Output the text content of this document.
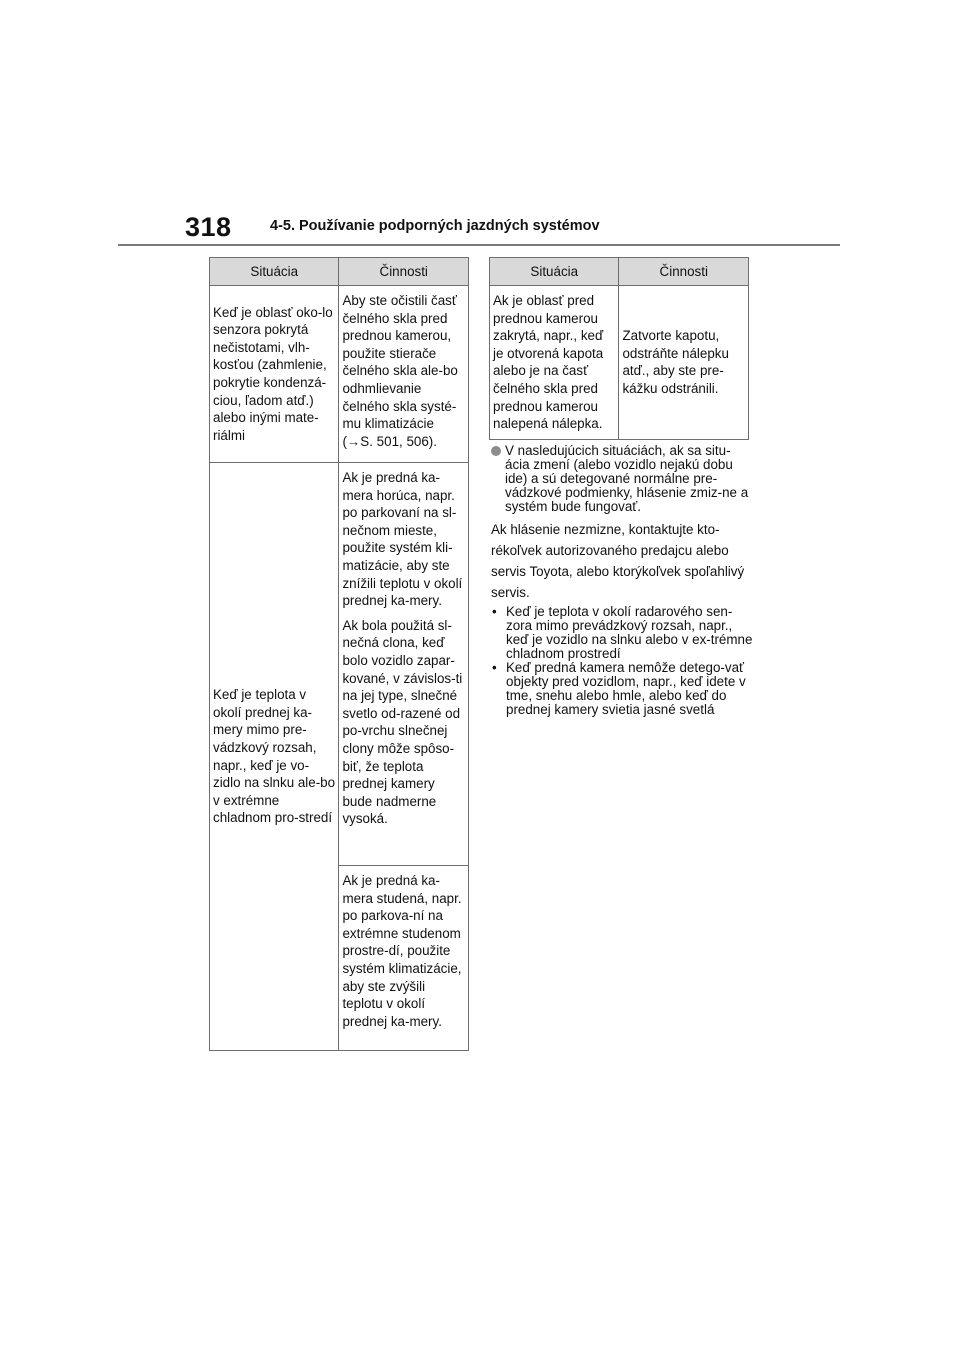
318	4-5. Používanie podporných jazdných systémov
Situácia	Činnosti
Keď je oblasť oko-lo senzora pokrytá nečistotami, vlh-kosťou (zahmlenie, pokrytie kondenzá-ciou, ľadom atď.) alebo inými mate-riálmi	Aby ste očistili časť čelného skla pred prednou kamerou, použite stierače čelného skla ale-bo odhmlievanie čelného skla systé-mu klimatizácie (→S. 501, 506).
Keď je teplota v okolí prednej ka-mery mimo pre-vádzkový rozsah, napr., keď je vo-zidlo na slnku ale-bo v extrémne chladnom pro-stredí	Ak je predná ka-mera horúca, napr. po parkovaní na sl-nečnom mieste, použite systém kli-matizácie, aby ste znížili teplotu v okolí prednej ka-mery.

Ak bola použitá sl-nečná clona, keď bolo vozidlo zapar-kované, v závislos-ti na jej type, slnečné svetlo od-razené od po-vrchu slnečnej clony môže spôso-biť, že teplota prednej kamery bude nadmerne vysoká.

	Ak je predná ka-mera studená, napr. po parkova-ní na extrémne studenom prostre-dí, použite systém klimatizácie, aby ste zvýšili teplotu v okolí prednej ka-mery.
Situácia	Činnosti
Ak je oblasť pred prednou kamerou zakrytá, napr., keď je otvorená kapota alebo je na časť čelného skla pred prednou kamerou nalepená nálepka.	Zatvorte kapotu, odstráňte nálepku atď., aby ste pre-kážku odstránili.
V nasledujúcich situáciách, ak sa situ-ácia zmení (alebo vozidlo nejakú dobu ide) a sú detegované normálne pre-vádzkové podmienky, hlásenie zmiz-ne a systém bude fungovať.

Ak hlásenie nezmizne, kontaktujte kto-rékoľvek autorizovaného predajcu alebo servis Toyota, alebo ktorýkoľvek spoľahlivý servis.

• Keď je teplota v okolí radarového sen-zora mimo prevádzkový rozsah, napr., keď je vozidlo na slnku alebo v ex-trémne chladnom prostredí
• Keď predná kamera nemôže detego-vať objekty pred vozidlom, napr., keď idete v tme, snehu alebo hmle, alebo keď do prednej kamery svietia jasné svetlá
